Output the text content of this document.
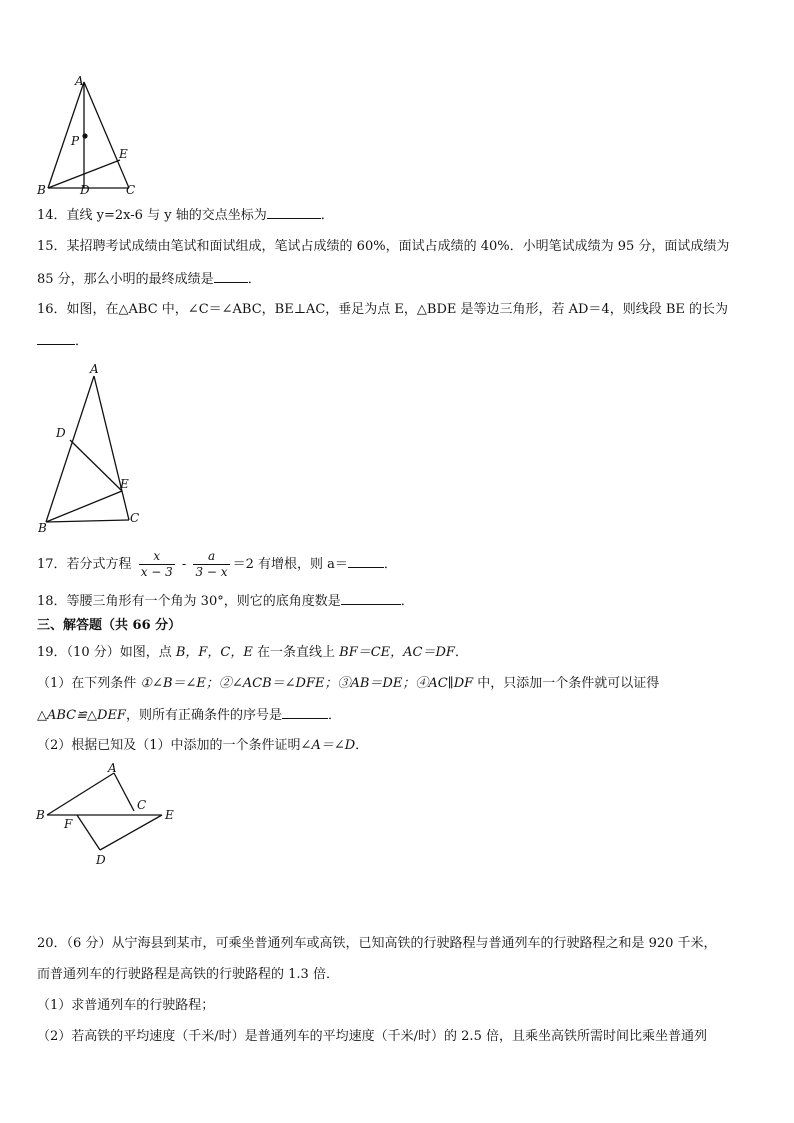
A
P
E
B	D	C
14．直线 y=2x-6 与 y 轴的交点坐标为	．
15．某招聘考试成绩由笔试和面试组成，笔试占成绩的 60%，面试占成绩的 40%．小明笔试成绩为 95 分，面试成绩为
85 分，那么小明的最终成绩是	．
16．如图，在△ABC 中，∠C＝∠ABC，BE⊥AC，垂足为点 E，△BDE 是等边三角形，若 AD＝4，则线段 BE 的长为
．
A
D
E
B
C
17．若分式方程 $\frac{x}{x - 3} - \frac{a}{3 - x} =2$ 有增根，则 a＝	．
18．等腰三角形有一个角为 30°，则它的底角度数是	．
三、解答题（共 66 分）
19．（10 分）如图，点 B，F，C，E 在一条直线上 BF＝CE，AC＝DF．
（1）在下列条件 ①∠B＝∠E；②∠ACB＝∠DFE；③AB＝DE；④AC∥DF 中，只添加一个条件就可以证得
△ABC≌△DEF，则所有正确条件的序号是	．
（2）根据已知及（1）中添加的一个条件证明∠A＝∠D．
A
C
B
F
E
D
20．（6 分）从宁海县到某市，可乘坐普通列车或高铁，已知高铁的行驶路程与普通列车的行驶路程之和是 920 千米，
而普通列车的行驶路程是高铁的行驶路程的 1.3 倍．
（1）求普通列车的行驶路程；
（2）若高铁的平均速度（千米/时）是普通列车的平均速度（千米/时）的 2.5 倍，且乘坐高铁所需时间比乘坐普通列
